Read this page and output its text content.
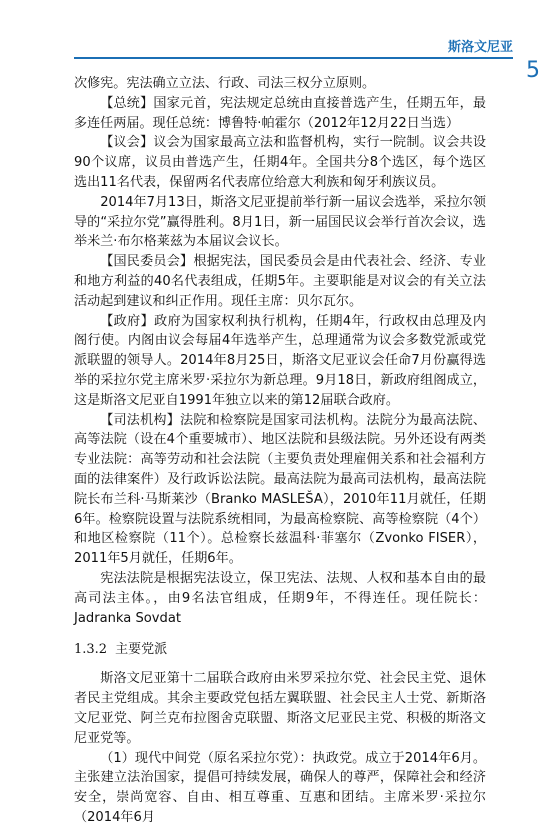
斯洛文尼亚
5

次修宪。宪法确立立法、行政、司法三权分立原则。

【总统】国家元首，宪法规定总统由直接普选产生，任期五年，最多连任两届。现任总统：博鲁特·帕霍尔（2012年12月22日当选）

【议会】议会为国家最高立法和监督机构，实行一院制。议会共设90个议席，议员由普选产生，任期4年。全国共分8个选区，每个选区选出11名代表，保留两名代表席位给意大利族和匈牙利族议员。

2014年7月13日，斯洛文尼亚提前举行新一届议会选举，采拉尔领导的“采拉尔党”赢得胜利。8月1日，新一届国民议会举行首次会议，选举米兰·布尔格莱兹为本届议会议长。

【国民委员会】根据宪法，国民委员会是由代表社会、经济、专业和地方利益的40名代表组成，任期5年。主要职能是对议会的有关立法活动起到建议和纠正作用。现任主席：贝尔瓦尔。

【政府】政府为国家权利执行机构，任期4年，行政权由总理及内阁行使。内阁由议会每届4年选举产生，总理通常为议会多数党派或党派联盟的领导人。2014年8月25日，斯洛文尼亚议会任命7月份赢得选举的采拉尔党主席米罗·采拉尔为新总理。9月18日，新政府组阁成立，这是斯洛文尼亚自1991年独立以来的第12届联合政府。

【司法机构】法院和检察院是国家司法机构。法院分为最高法院、高等法院（设在4个重要城市）、地区法院和县级法院。另外还设有两类专业法院：高等劳动和社会法院（主要负责处理雇佣关系和社会福利方面的法律案件）及行政诉讼法院。最高法院为最高司法机构，最高法院院长布兰科·马斯莱沙（Branko MASLEŠA），2010年11月就任，任期6年。检察院设置与法院系统相同，为最高检察院、高等检察院（4个）和地区检察院（11个）。总检察长兹温科·菲塞尔（Zvonko FISER），2011年5月就任，任期6年。

宪法法院是根据宪法设立，保卫宪法、法规、人权和基本自由的最高司法主体。，由9名法官组成，任期9年，不得连任。现任院长：Jadranka Sovdat

1.3.2 主要党派

斯洛文尼亚第十二届联合政府由米罗采拉尔党、社会民主党、退休者民主党组成。其余主要政党包括左翼联盟、社会民主人士党、新斯洛文尼亚党、阿兰克布拉图舍克联盟、斯洛文尼亚民主党、积极的斯洛文尼亚党等。

（1）现代中间党（原名采拉尔党）：执政党。成立于2014年6月。主张建立法治国家，提倡可持续发展，确保人的尊严，保障社会和经济安全，崇尚宽容、自由、相互尊重、互惠和团结。主席米罗·采拉尔（2014年6月
